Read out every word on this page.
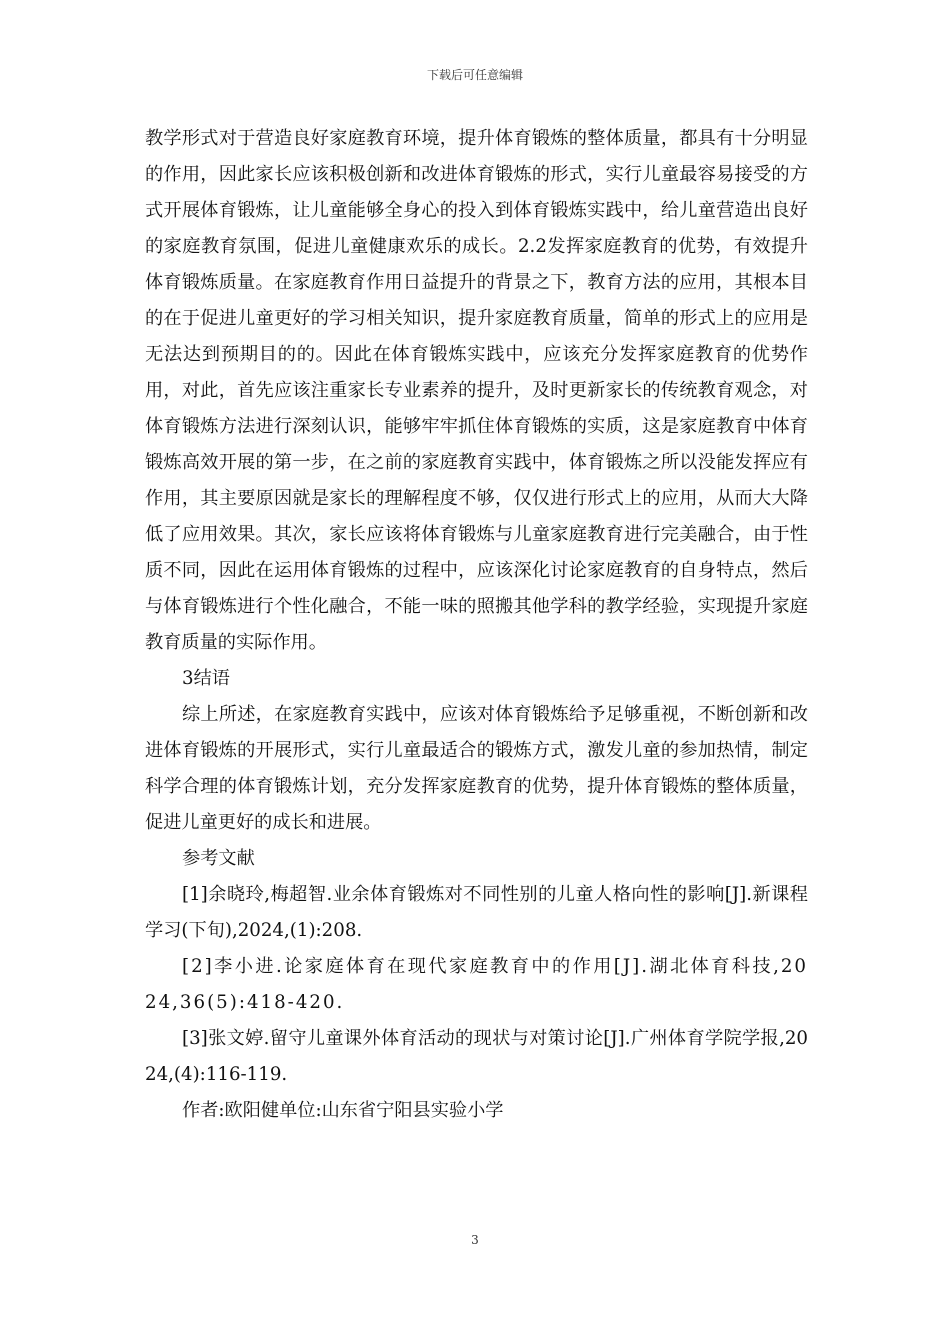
下载后可任意编辑

教学形式对于营造良好家庭教育环境，提升体育锻炼的整体质量，都具有十分明显的作用，因此家长应该积极创新和改进体育锻炼的形式，实行儿童最容易接受的方式开展体育锻炼，让儿童能够全身心的投入到体育锻炼实践中，给儿童营造出良好的家庭教育氛围，促进儿童健康欢乐的成长。2.2发挥家庭教育的优势，有效提升体育锻炼质量。在家庭教育作用日益提升的背景之下，教育方法的应用，其根本目的在于促进儿童更好的学习相关知识，提升家庭教育质量，简单的形式上的应用是无法达到预期目的的。因此在体育锻炼实践中，应该充分发挥家庭教育的优势作用，对此，首先应该注重家长专业素养的提升，及时更新家长的传统教育观念，对体育锻炼方法进行深刻认识，能够牢牢抓住体育锻炼的实质，这是家庭教育中体育锻炼高效开展的第一步，在之前的家庭教育实践中，体育锻炼之所以没能发挥应有作用，其主要原因就是家长的理解程度不够，仅仅进行形式上的应用，从而大大降低了应用效果。其次，家长应该将体育锻炼与儿童家庭教育进行完美融合，由于性质不同，因此在运用体育锻炼的过程中，应该深化讨论家庭教育的自身特点，然后与体育锻炼进行个性化融合，不能一味的照搬其他学科的教学经验，实现提升家庭教育质量的实际作用。

3结语

综上所述，在家庭教育实践中，应该对体育锻炼给予足够重视，不断创新和改进体育锻炼的开展形式，实行儿童最适合的锻炼方式，激发儿童的参加热情，制定科学合理的体育锻炼计划，充分发挥家庭教育的优势，提升体育锻炼的整体质量，促进儿童更好的成长和进展。

参考文献

[1]余晓玲,梅超智.业余体育锻炼对不同性别的儿童人格向性的影响[J].新课程学习(下旬),2024,(1):208.

[2]李小进.论家庭体育在现代家庭教育中的作用[J].湖北体育科技,2024,36(5):418-420.

[3]张文婷.留守儿童课外体育活动的现状与对策讨论[J].广州体育学院学报,2024,(4):116-119.

作者:欧阳健单位:山东省宁阳县实验小学

3
